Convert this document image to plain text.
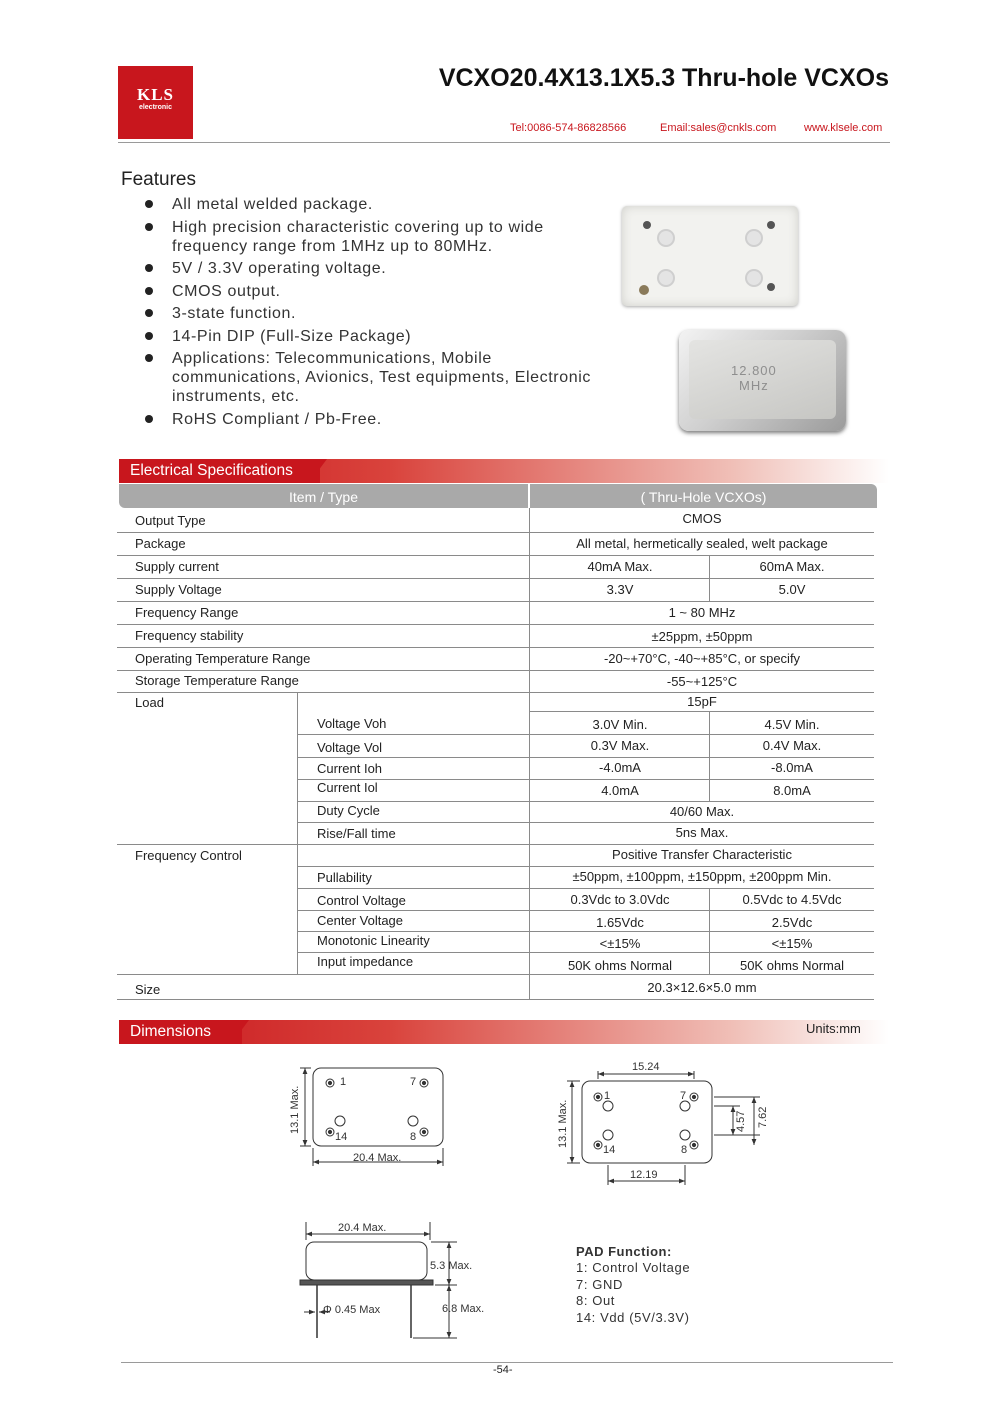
KLS
electronic
VCXO20.4X13.1X5.3 Thru-hole VCXOs
Tel:0086-574-86828566	Email:sales@cnkls.com	www.klsele.com
Features
All metal welded package.
High precision characteristic covering up to wide frequency range from 1MHz up to 80MHz.
5V / 3.3V operating voltage.
CMOS output.
3-state function.
14-Pin DIP (Full-Size Package)
Applications: Telecommunications, Mobile communications, Avionics, Test equipments, Electronic instruments, etc.
RoHS Compliant / Pb-Free.
12.800
MHz
Electrical Specifications
Item / Type	( Thru-Hole VCXOs)
Output Type	CMOS
Package	All metal, hermetically sealed, welt package
Supply current	40mA Max.	60mA Max.
Supply Voltage	3.3V	5.0V
Frequency Range	1 ~ 80 MHz
Frequency stability	±25ppm, ±50ppm
Operating Temperature Range	-20~+70°C, -40~+85°C, or specify
Storage Temperature Range	-55~+125°C
Load	15pF
Voltage Voh	3.0V Min.	4.5V Min.
Voltage Vol	0.3V Max.	0.4V Max.
Current Ioh	-4.0mA	-8.0mA
Current Iol	4.0mA	8.0mA
Duty Cycle	40/60 Max.
Rise/Fall time	5ns Max.
Frequency Control	Positive Transfer Characteristic
Pullability	±50ppm, ±100ppm, ±150ppm, ±200ppm Min.
Control Voltage	0.3Vdc to 3.0Vdc	0.5Vdc to 4.5Vdc
Center Voltage	1.65Vdc	2.5Vdc
Monotonic Linearity	<±15%	<±15%
Input impedance	50K ohms Normal	50K ohms Normal
Size	20.3×12.6×5.0 mm
Dimensions	Units:mm
1	7
14	8
13.1 Max.
20.4 Max.
15.24
12.19
13.1 Max.	4.57 7.62
1	7
14	8
20.4 Max.
5.3 Max.
6.8 Max.
Φ 0.45 Max
PAD Function:
1: Control Voltage
7: GND
8: Out
14: Vdd (5V/3.3V)
-54-
